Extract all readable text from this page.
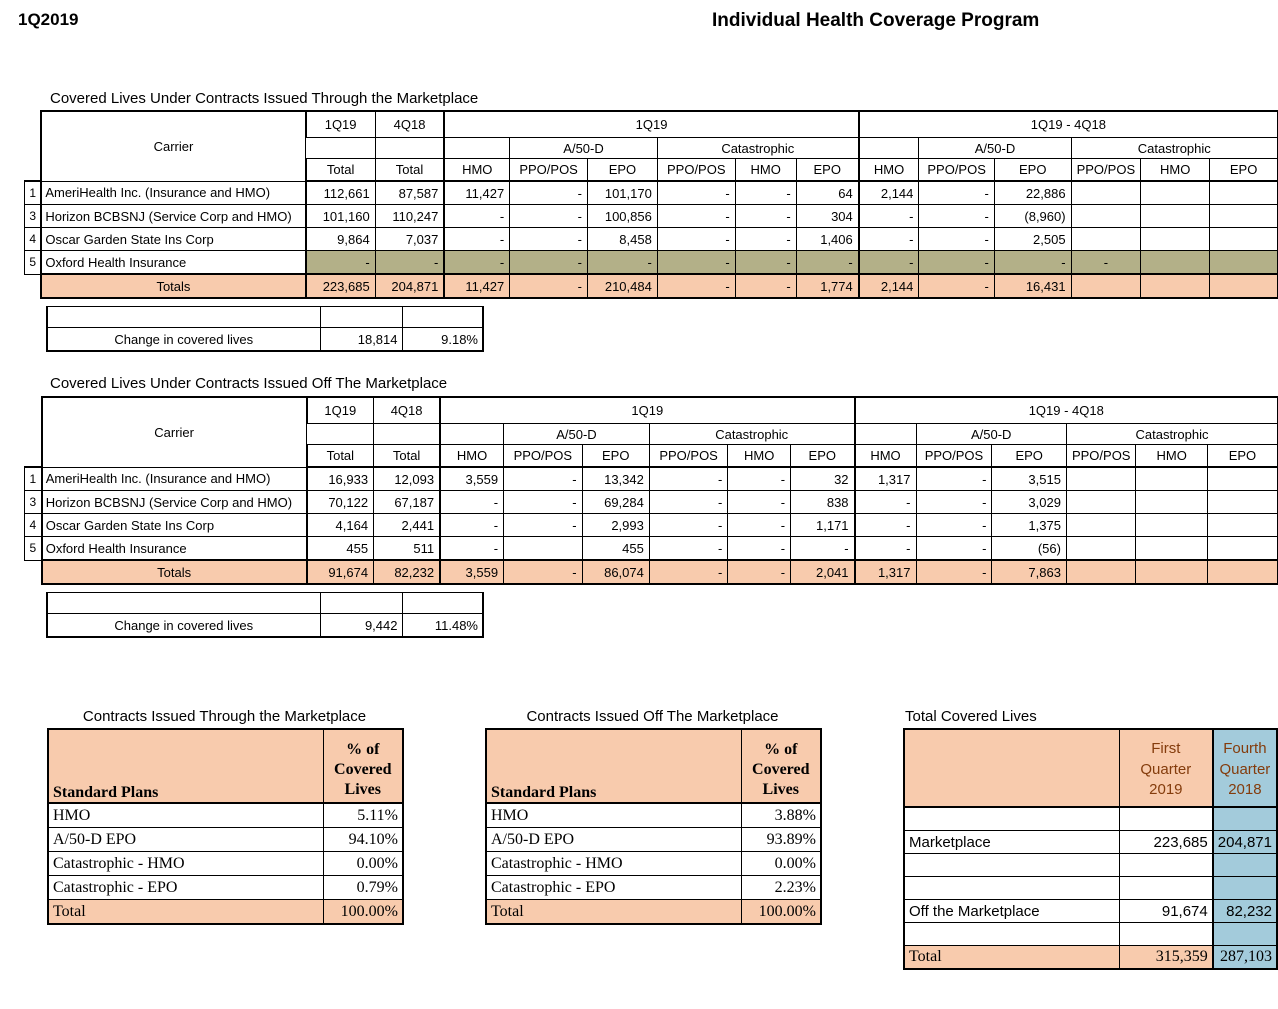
1Q2019	Individual Health Coverage Program
Covered Lives Under Contracts Issued Through the Marketplace
	Carrier	1Q19	4Q18	1Q19						1Q19 - 4Q18					
					A/50-D		Catastrophic				A/50-D		Catastrophic		
		Total	Total	HMO	PPO/POS	EPO	PPO/POS	HMO	EPO	HMO	PPO/POS	EPO	PPO/POS	HMO	EPO
1	AmeriHealth Inc. (Insurance and HMO)	112,661	87,587	11,427	-	101,170	-	-	64	2,144	-	22,886			
3	Horizon BCBSNJ (Service Corp and HMO)	101,160	110,247	-	-	100,856	-	-	304	-	-	(8,960)			
4	Oscar Garden State Ins Corp	9,864	7,037	-	-	8,458	-	-	1,406	-	-	2,505			
5	Oxford Health Insurance	-	-	-	-	-	-	-	-	-	-	-	-		
	Totals	223,685	204,871	11,427	-	210,484	-	-	1,774	2,144	-	16,431			

Change in covered lives	18,814	9.18%
Covered Lives Under Contracts Issued Off The Marketplace
	Carrier	1Q19	4Q18	1Q19						1Q19 - 4Q18					
					A/50-D		Catastrophic				A/50-D		Catastrophic		
		Total	Total	HMO	PPO/POS	EPO	PPO/POS	HMO	EPO	HMO	PPO/POS	EPO	PPO/POS	HMO	EPO
1	AmeriHealth Inc. (Insurance and HMO)	16,933	12,093	3,559	-	13,342	-	-	32	1,317	-	3,515			
3	Horizon BCBSNJ (Service Corp and HMO)	70,122	67,187	-	-	69,284	-	-	838	-	-	3,029			
4	Oscar Garden State Ins Corp	4,164	2,441	-	-	2,993	-	-	1,171	-	-	1,375			
5	Oxford Health Insurance	455	511	-		455	-	-	-	-	-	(56)			
	Totals	91,674	82,232	3,559	-	86,074	-	-	2,041	1,317	-	7,863			

Change in covered lives	9,442	11.48%
Contracts Issued Through the Marketplace
Standard Plans	% of Covered Lives
HMO	5.11%
A/50-D EPO	94.10%
Catastrophic - HMO	0.00%
Catastrophic - EPO	0.79%
Total	100.00%
Contracts Issued Off The Marketplace
Standard Plans	% of Covered Lives
HMO	3.88%
A/50-D EPO	93.89%
Catastrophic - HMO	0.00%
Catastrophic - EPO	2.23%
Total	100.00%
Total Covered Lives
	First Quarter 2019	Fourth Quarter 2018

Marketplace	223,685	204,871

Off the Marketplace	91,674	82,232

Total	315,359	287,103
